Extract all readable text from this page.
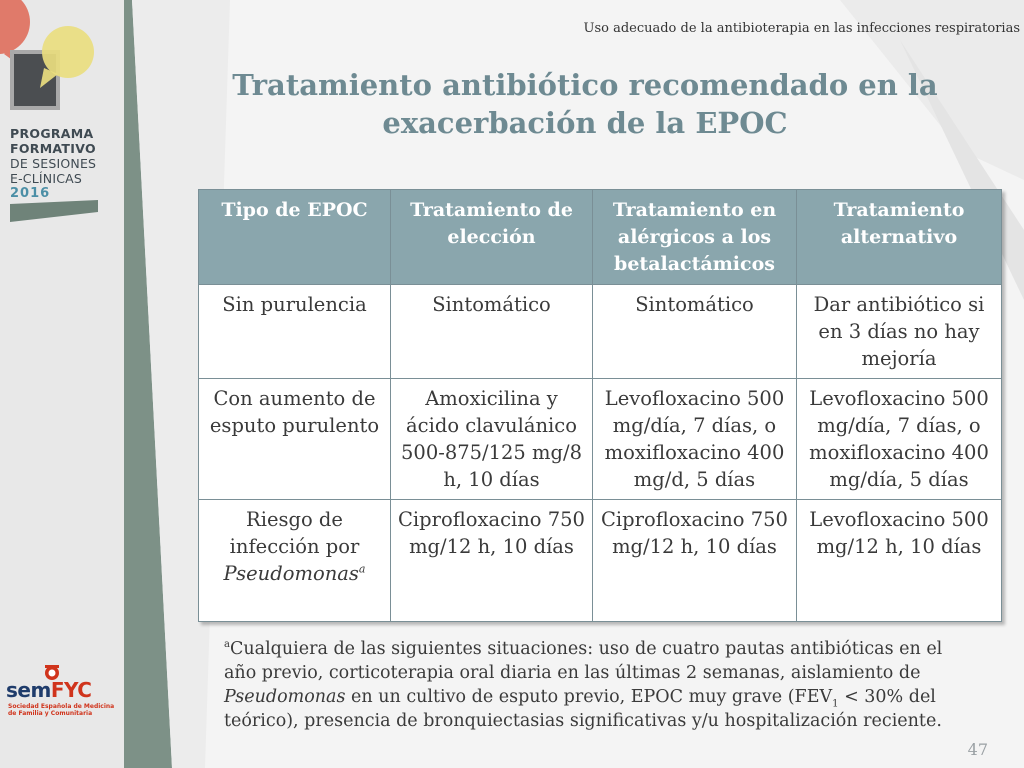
PROGRAMA
FORMATIVO
DE SESIONES
E-CLÍNICAS
2016
semFYC
Sociedad Española de Medicina
de Familia y Comunitaria
Uso adecuado de la antibioterapia en las infecciones respiratorias
Tratamiento antibiótico recomendado en la
exacerbación de la EPOC
Tipo de EPOC	Tratamiento de elección	Tratamiento en alérgicos a los betalactámicos	Tratamiento alternativo
Sin purulencia	Sintomático	Sintomático	Dar antibiótico si en 3 días no hay mejoría
Con aumento de esputo purulento	Amoxicilina y ácido clavulánico 500-875/125 mg/8 h, 10 días	Levofloxacino 500 mg/día, 7 días, o moxifloxacino 400 mg/d, 5 días	Levofloxacino 500 mg/día, 7 días, o moxifloxacino 400 mg/día, 5 días
Riesgo de infección por Pseudomonas$^a$	Ciprofloxacino 750 mg/12 h, 10 días	Ciprofloxacino 750 mg/12 h, 10 días	Levofloxacino 500 mg/12 h, 10 días
$^a$Cualquiera de las siguientes situaciones: uso de cuatro pautas antibióticas en el año previo, corticoterapia oral diaria en las últimas 2 semanas, aislamiento de Pseudomonas en un cultivo de esputo previo, EPOC muy grave ($FEV_1 < 30\%$ del teórico), presencia de bronquiectasias significativas y/u hospitalización reciente.
47
